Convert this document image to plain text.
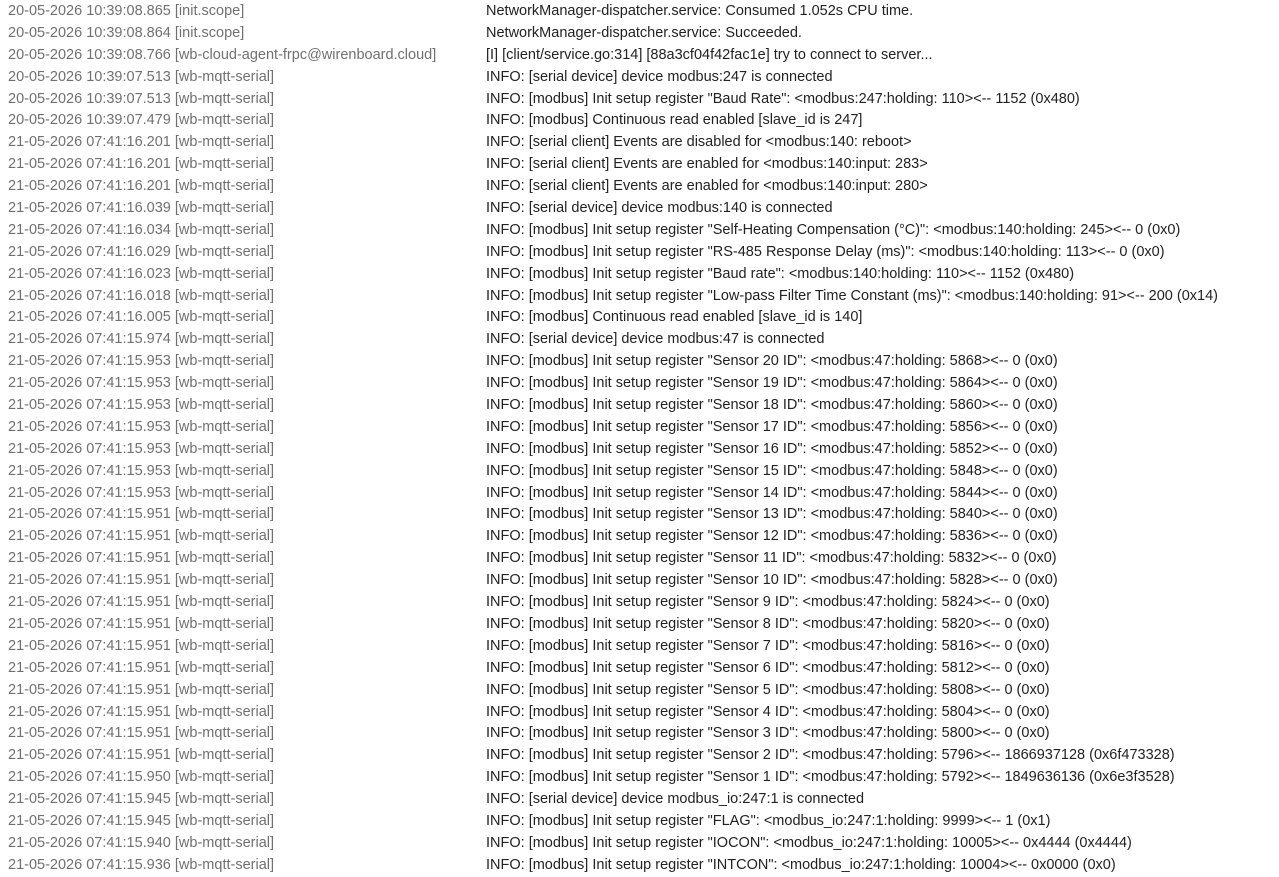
20-05-2026 10:39:08.865 [init.scope]	NetworkManager-dispatcher.service: Consumed 1.052s CPU time.
20-05-2026 10:39:08.864 [init.scope]	NetworkManager-dispatcher.service: Succeeded.
20-05-2026 10:39:08.766 [wb-cloud-agent-frpc@wirenboard.cloud]	[I] [client/service.go:314] [88a3cf04f42fac1e] try to connect to server...
20-05-2026 10:39:07.513 [wb-mqtt-serial]	INFO: [serial device] device modbus:247 is connected
20-05-2026 10:39:07.513 [wb-mqtt-serial]	INFO: [modbus] Init setup register "Baud Rate": <modbus:247:holding: 110><-- 1152 (0x480)
20-05-2026 10:39:07.479 [wb-mqtt-serial]	INFO: [modbus] Continuous read enabled [slave_id is 247]
21-05-2026 07:41:16.201 [wb-mqtt-serial]	INFO: [serial client] Events are disabled for <modbus:140: reboot>
21-05-2026 07:41:16.201 [wb-mqtt-serial]	INFO: [serial client] Events are enabled for <modbus:140:input: 283>
21-05-2026 07:41:16.201 [wb-mqtt-serial]	INFO: [serial client] Events are enabled for <modbus:140:input: 280>
21-05-2026 07:41:16.039 [wb-mqtt-serial]	INFO: [serial device] device modbus:140 is connected
21-05-2026 07:41:16.034 [wb-mqtt-serial]	INFO: [modbus] Init setup register "Self-Heating Compensation (°C)": <modbus:140:holding: 245><-- 0 (0x0)
21-05-2026 07:41:16.029 [wb-mqtt-serial]	INFO: [modbus] Init setup register "RS-485 Response Delay (ms)": <modbus:140:holding: 113><-- 0 (0x0)
21-05-2026 07:41:16.023 [wb-mqtt-serial]	INFO: [modbus] Init setup register "Baud rate": <modbus:140:holding: 110><-- 1152 (0x480)
21-05-2026 07:41:16.018 [wb-mqtt-serial]	INFO: [modbus] Init setup register "Low-pass Filter Time Constant (ms)": <modbus:140:holding: 91><-- 200 (0x14)
21-05-2026 07:41:16.005 [wb-mqtt-serial]	INFO: [modbus] Continuous read enabled [slave_id is 140]
21-05-2026 07:41:15.974 [wb-mqtt-serial]	INFO: [serial device] device modbus:47 is connected
21-05-2026 07:41:15.953 [wb-mqtt-serial]	INFO: [modbus] Init setup register "Sensor 20 ID": <modbus:47:holding: 5868><-- 0 (0x0)
21-05-2026 07:41:15.953 [wb-mqtt-serial]	INFO: [modbus] Init setup register "Sensor 19 ID": <modbus:47:holding: 5864><-- 0 (0x0)
21-05-2026 07:41:15.953 [wb-mqtt-serial]	INFO: [modbus] Init setup register "Sensor 18 ID": <modbus:47:holding: 5860><-- 0 (0x0)
21-05-2026 07:41:15.953 [wb-mqtt-serial]	INFO: [modbus] Init setup register "Sensor 17 ID": <modbus:47:holding: 5856><-- 0 (0x0)
21-05-2026 07:41:15.953 [wb-mqtt-serial]	INFO: [modbus] Init setup register "Sensor 16 ID": <modbus:47:holding: 5852><-- 0 (0x0)
21-05-2026 07:41:15.953 [wb-mqtt-serial]	INFO: [modbus] Init setup register "Sensor 15 ID": <modbus:47:holding: 5848><-- 0 (0x0)
21-05-2026 07:41:15.953 [wb-mqtt-serial]	INFO: [modbus] Init setup register "Sensor 14 ID": <modbus:47:holding: 5844><-- 0 (0x0)
21-05-2026 07:41:15.951 [wb-mqtt-serial]	INFO: [modbus] Init setup register "Sensor 13 ID": <modbus:47:holding: 5840><-- 0 (0x0)
21-05-2026 07:41:15.951 [wb-mqtt-serial]	INFO: [modbus] Init setup register "Sensor 12 ID": <modbus:47:holding: 5836><-- 0 (0x0)
21-05-2026 07:41:15.951 [wb-mqtt-serial]	INFO: [modbus] Init setup register "Sensor 11 ID": <modbus:47:holding: 5832><-- 0 (0x0)
21-05-2026 07:41:15.951 [wb-mqtt-serial]	INFO: [modbus] Init setup register "Sensor 10 ID": <modbus:47:holding: 5828><-- 0 (0x0)
21-05-2026 07:41:15.951 [wb-mqtt-serial]	INFO: [modbus] Init setup register "Sensor 9 ID": <modbus:47:holding: 5824><-- 0 (0x0)
21-05-2026 07:41:15.951 [wb-mqtt-serial]	INFO: [modbus] Init setup register "Sensor 8 ID": <modbus:47:holding: 5820><-- 0 (0x0)
21-05-2026 07:41:15.951 [wb-mqtt-serial]	INFO: [modbus] Init setup register "Sensor 7 ID": <modbus:47:holding: 5816><-- 0 (0x0)
21-05-2026 07:41:15.951 [wb-mqtt-serial]	INFO: [modbus] Init setup register "Sensor 6 ID": <modbus:47:holding: 5812><-- 0 (0x0)
21-05-2026 07:41:15.951 [wb-mqtt-serial]	INFO: [modbus] Init setup register "Sensor 5 ID": <modbus:47:holding: 5808><-- 0 (0x0)
21-05-2026 07:41:15.951 [wb-mqtt-serial]	INFO: [modbus] Init setup register "Sensor 4 ID": <modbus:47:holding: 5804><-- 0 (0x0)
21-05-2026 07:41:15.951 [wb-mqtt-serial]	INFO: [modbus] Init setup register "Sensor 3 ID": <modbus:47:holding: 5800><-- 0 (0x0)
21-05-2026 07:41:15.951 [wb-mqtt-serial]	INFO: [modbus] Init setup register "Sensor 2 ID": <modbus:47:holding: 5796><-- 1866937128 (0x6f473328)
21-05-2026 07:41:15.950 [wb-mqtt-serial]	INFO: [modbus] Init setup register "Sensor 1 ID": <modbus:47:holding: 5792><-- 1849636136 (0x6e3f3528)
21-05-2026 07:41:15.945 [wb-mqtt-serial]	INFO: [serial device] device modbus_io:247:1 is connected
21-05-2026 07:41:15.945 [wb-mqtt-serial]	INFO: [modbus] Init setup register "FLAG": <modbus_io:247:1:holding: 9999><-- 1 (0x1)
21-05-2026 07:41:15.940 [wb-mqtt-serial]	INFO: [modbus] Init setup register "IOCON": <modbus_io:247:1:holding: 10005><-- 0x4444 (0x4444)
21-05-2026 07:41:15.936 [wb-mqtt-serial]	INFO: [modbus] Init setup register "INTCON": <modbus_io:247:1:holding: 10004><-- 0x0000 (0x0)
